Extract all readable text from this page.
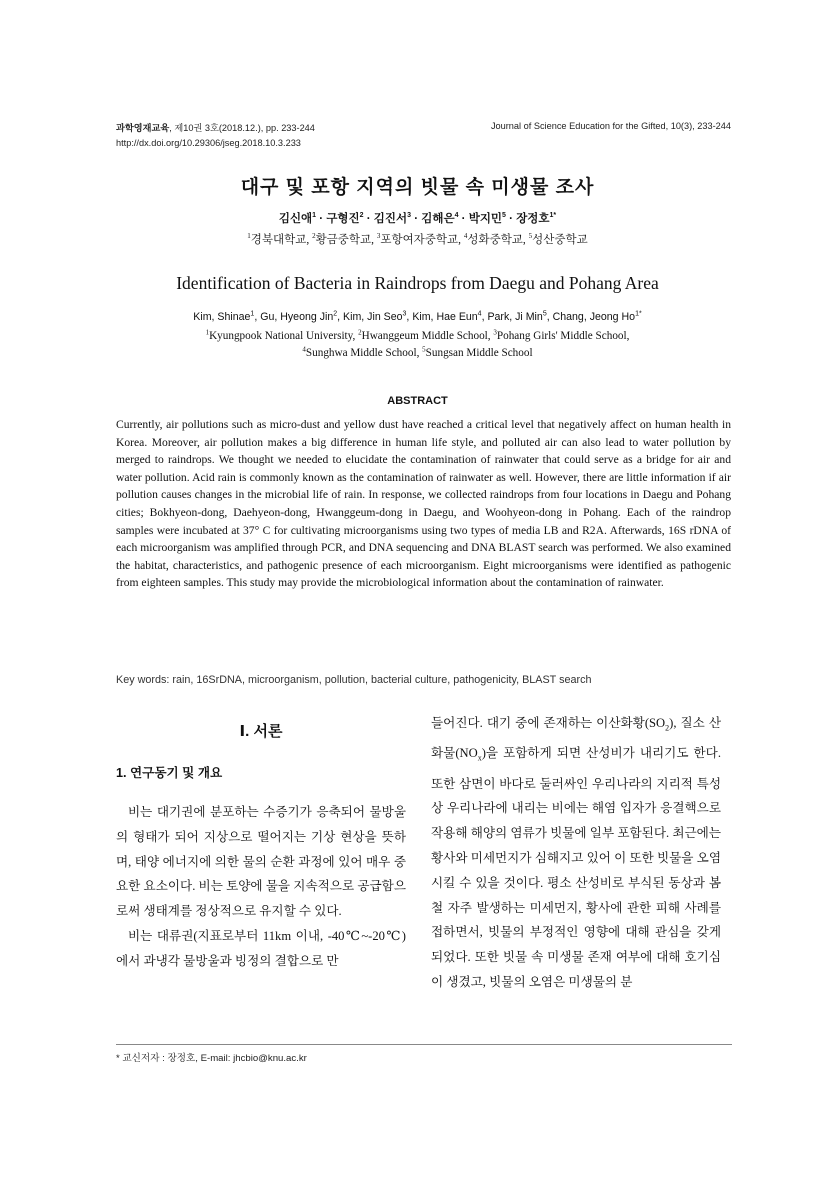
과학영재교육, 제10권 3호(2018.12.), pp. 233-244
http://dx.doi.org/10.29306/jseg.2018.10.3.233
Journal of Science Education for the Gifted, 10(3), 233-244
대구 및 포항 지역의 빗물 속 미생물 조사
김신애$^1$ · 구형진$^2$ · 김진서$^3$ · 김해은$^4$ · 박지민$^5$ · 장정호$^{1*}$
$^1$경북대학교, $^2$황금중학교, $^3$포항여자중학교, $^4$성화중학교, $^5$성산중학교
Identification of Bacteria in Raindrops from Daegu and Pohang Area
Kim, Shinae$^1$, Gu, Hyeong Jin$^2$, Kim, Jin Seo$^3$, Kim, Hae Eun$^4$, Park, Ji Min$^5$, Chang, Jeong $Ho^{1*}$
$^1$Kyungpook National University, $^2$Hwanggeum Middle School, $^3$Pohang Girls' Middle School,
$^4$Sunghwa Middle School, $^5$Sungsan Middle School
ABSTRACT
Currently, air pollutions such as micro-dust and yellow dust have reached a critical level that negatively affect on human health in Korea. Moreover, air pollution makes a big difference in human life style, and polluted air can also lead to water pollution by merged to raindrops. We thought we needed to elucidate the contamination of rainwater that could serve as a bridge for air and water pollution. Acid rain is commonly known as the contamination of rainwater as well. However, there are little information if air pollution causes changes in the microbial life of rain. In response, we collected raindrops from four locations in Daegu and Pohang cities; Bokhyeon-dong, Daehyeon-dong, Hwanggeum-dong in Daegu, and Woohyeon-dong in Pohang. Each of the raindrop samples were incubated at 37° C for cultivating microorganisms using two types of media LB and R2A. Afterwards, 16S rDNA of each microorganism was amplified through PCR, and DNA sequencing and DNA BLAST search was performed. We also examined the habitat, characteristics, and pathogenic presence of each microorganism. Eight microorganisms were identified as pathogenic from eighteen samples. This study may provide the microbiological information about the contamination of rainwater.
Key words: rain, 16SrDNA, microorganism, pollution, bacterial culture, pathogenicity, BLAST search
Ⅰ. 서론
1. 연구동기 및 개요

비는 대기권에 분포하는 수증기가 응축되어 물방울의 형태가 되어 지상으로 떨어지는 기상 현상을 뜻하며, 태양 에너지에 의한 물의 순환 과정에 있어 매우 중요한 요소이다. 비는 토양에 물을 지속적으로 공급함으로써 생태계를 정상적으로 유지할 수 있다.

비는 대류권(지표로부터 11km 이내, -40℃~-20℃)에서 과냉각 물방울과 빙정의 결합으로 만

들어진다. 대기 중에 존재하는 이산화황$(SO_2)$, 질소 산화물$(NO_x)$을 포함하게 되면 산성비가 내리기도 한다. 또한 삼면이 바다로 둘러싸인 우리나라의 지리적 특성 상 우리나라에 내리는 비에는 해염 입자가 응결핵으로 작용해 해양의 염류가 빗물에 일부 포함된다. 최근에는 황사와 미세먼지가 심해지고 있어 이 또한 빗물을 오염시킬 수 있을 것이다. 평소 산성비로 부식된 동상과 봄철 자주 발생하는 미세먼지, 황사에 관한 피해 사례를 접하면서, 빗물의 부정적인 영향에 대해 관심을 갖게 되었다. 또한 빗물 속 미생물 존재 여부에 대해 호기심이 생겼고, 빗물의 오염은 미생물의 분

* 교신저자 : 장정호, E-mail: jhcbio@knu.ac.kr
